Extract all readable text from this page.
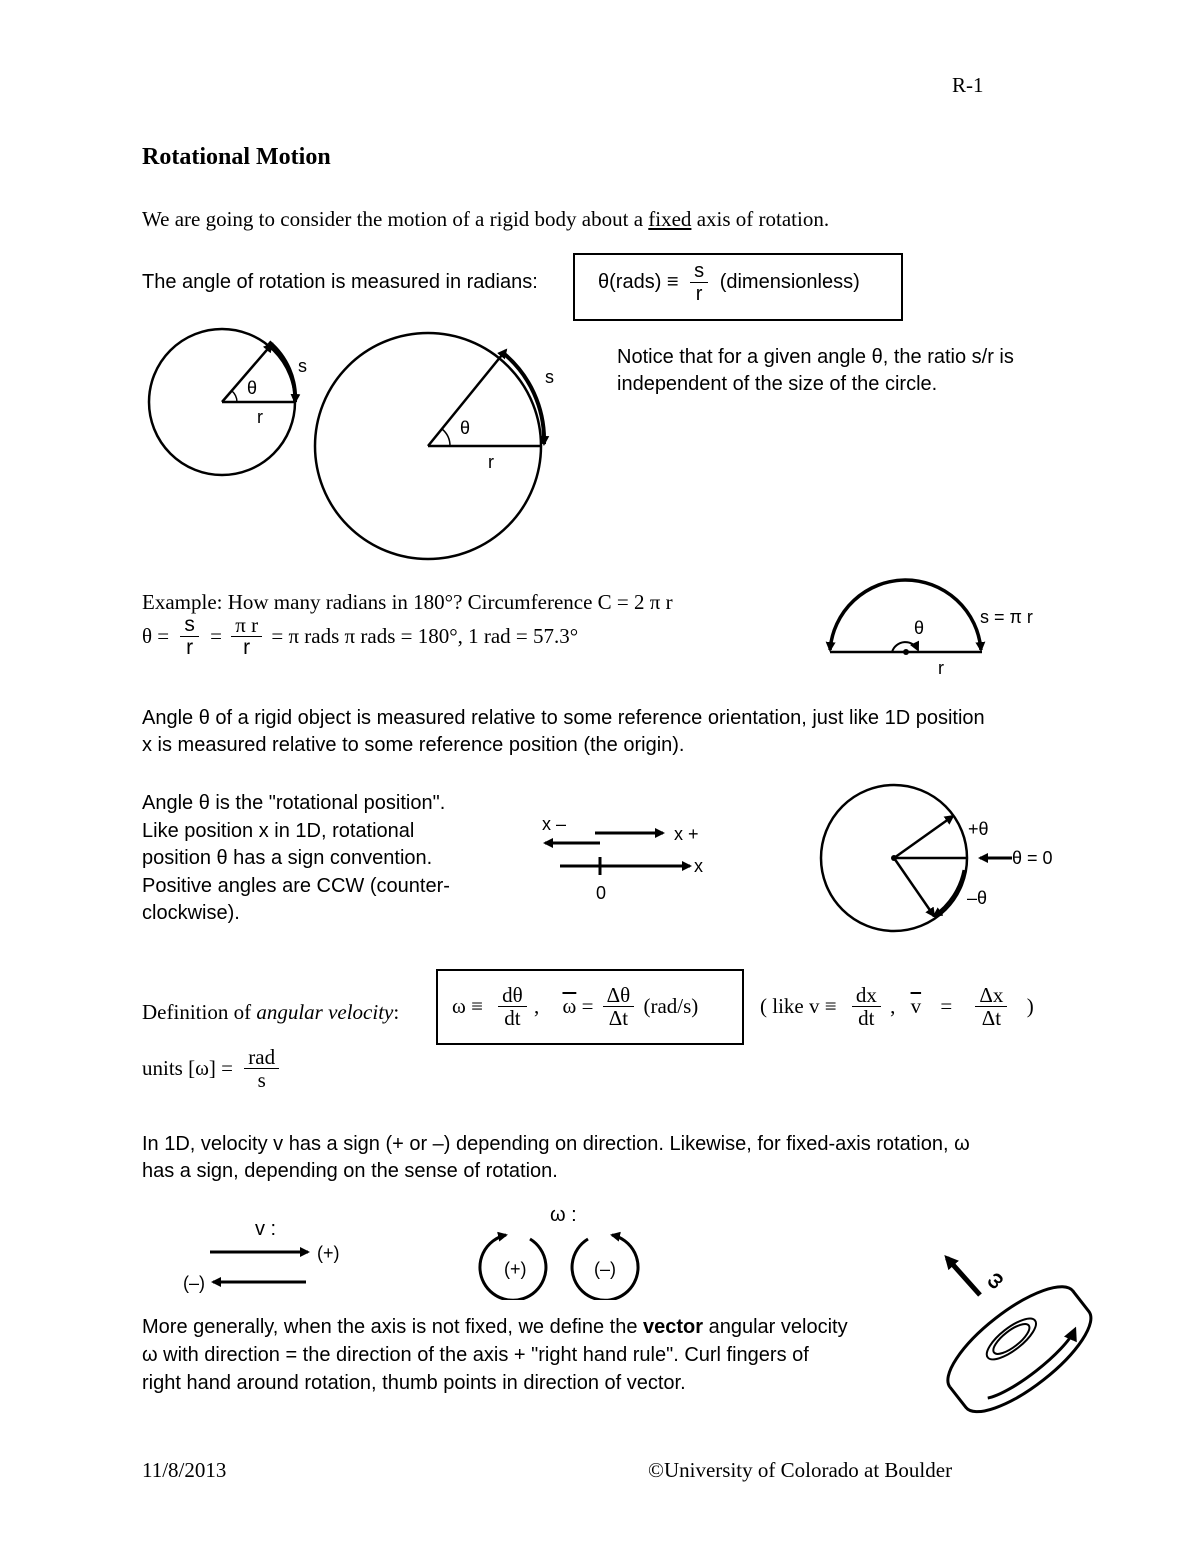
R-1
Rotational Motion
We are going to consider the motion of a rigid body about a fixed axis of rotation.
The angle of rotation is measured in radians:	θ(rads) ≡ $\frac{s}{r}$ (dimensionless)
θ
r
s
θ
r
s
Notice that for a given angle θ, the ratio s/r is
independent of the size of the circle.
Example: How many radians in 180°? Circumference C = 2 π r
$\theta = \frac{s}{r} = \frac{\text{π r}}{r} = \pi$ rads π rads = 180°, 1 rad = 57.3°	θ
r
s = π r
Angle θ of a rigid object is measured relative to some reference orientation, just like 1D position
x is measured relative to some reference position (the origin).
Angle θ is the "rotational position".
Like position x in 1D, rotational
position θ has a sign convention.
Positive angles are CCW (counter-
clockwise).
x –	x +
x
0
+θ
θ = 0
–θ
Definition of angular velocity:	$\omega \equiv \frac{d\theta}{dt}$ , $\overline{\omega} = \frac{\Delta\theta}{\Delta t} (rad/s)$	( like $v \equiv \frac{dx}{dt}$ , $\overline{v} = \frac{\Delta x}{\Delta t}$ )
units $[\omega] = \frac{\text{rad}}{s}$
In 1D, velocity v has a sign (+ or –) depending on direction. Likewise, for fixed-axis rotation, ω
has a sign, depending on the sense of rotation.
v :
(+)
(–)
ω :
(+)	(–)
More generally, when the axis is not fixed, we define the vector angular velocity
ω with direction = the direction of the axis + "right hand rule". Curl fingers of
right hand around rotation, thumb points in direction of vector.
ω
11/8/2013	©University of Colorado at Boulder
